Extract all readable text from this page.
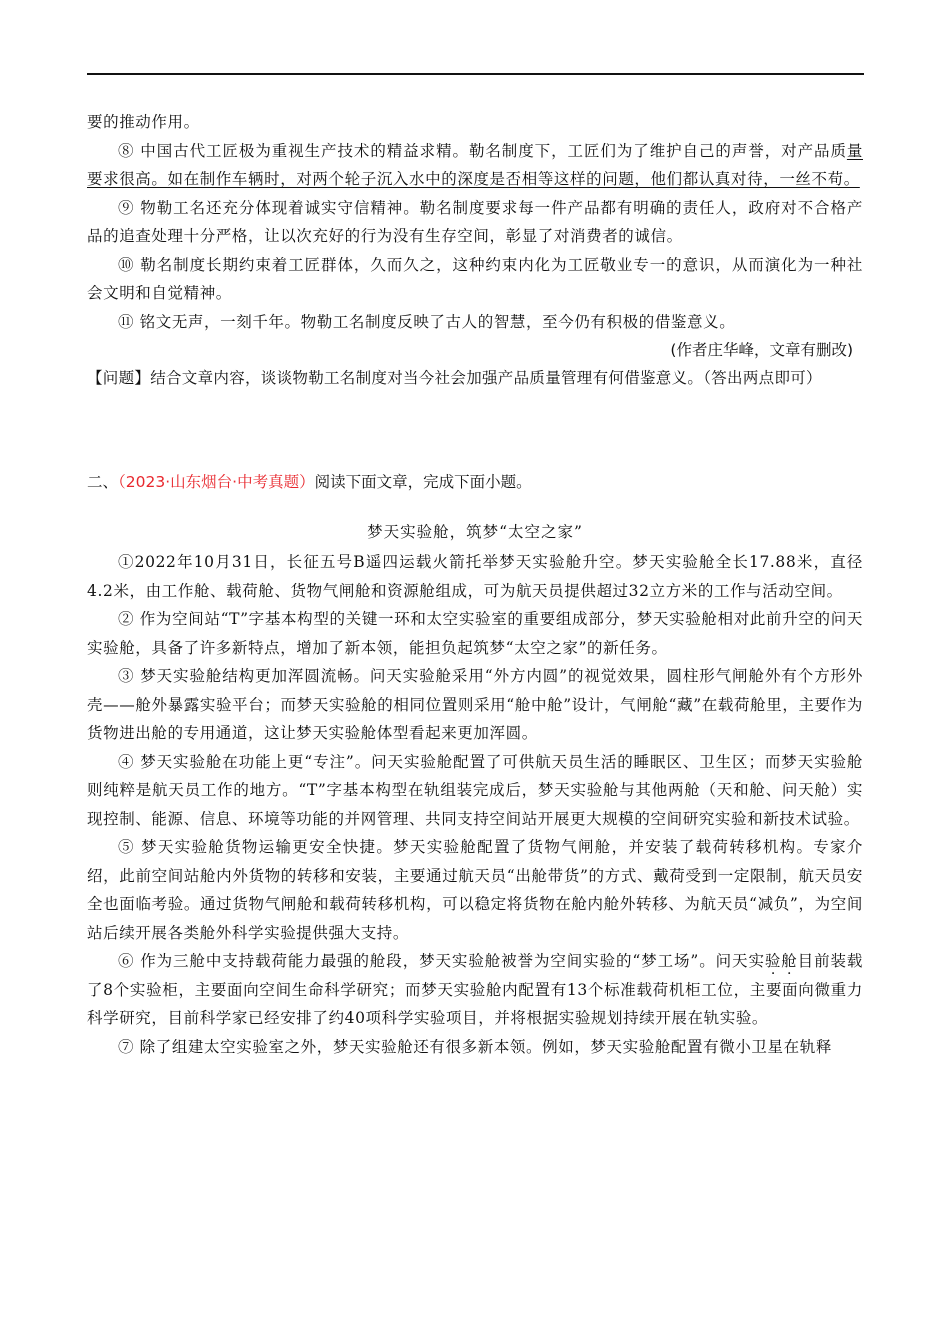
要的推动作用。

⑧ 中国古代工匠极为重视生产技术的精益求精。勒名制度下，工匠们为了维护自己的声誉，对产品质量要求很高。如在制作车辆时，对两个轮子沉入水中的深度是否相等这样的问题，他们都认真对待，一丝不苟。

⑨ 物勒工名还充分体现着诚实守信精神。勒名制度要求每一件产品都有明确的责任人，政府对不合格产品的追查处理十分严格，让以次充好的行为没有生存空间，彰显了对消费者的诚信。

⑩ 勒名制度长期约束着工匠群体，久而久之，这种约束内化为工匠敬业专一的意识，从而演化为一种社会文明和自觉精神。

⑪ 铭文无声，一刻千年。物勒工名制度反映了古人的智慧，至今仍有积极的借鉴意义。

(作者庄华峰，文章有删改)

【问题】结合文章内容，谈谈物勒工名制度对当今社会加强产品质量管理有何借鉴意义。（答出两点即可）

二、（2023·山东烟台·中考真题）阅读下面文章，完成下面小题。

梦天实验舱，筑梦“太空之家”

①2022年10月31日，长征五号B遥四运载火箭托举梦天实验舱升空。梦天实验舱全长17.88米，直径4.2米，由工作舱、载荷舱、货物气闸舱和资源舱组成，可为航天员提供超过32立方米的工作与活动空间。

② 作为空间站“T”字基本构型的关键一环和太空实验室的重要组成部分，梦天实验舱相对此前升空的问天实验舱，具备了许多新特点，增加了新本领，能担负起筑梦“太空之家”的新任务。

③ 梦天实验舱结构更加浑圆流畅。问天实验舱采用“外方内圆”的视觉效果，圆柱形气闸舱外有个方形外壳——舱外暴露实验平台；而梦天实验舱的相同位置则采用“舱中舱”设计，气闸舱“藏”在载荷舱里，主要作为货物进出舱的专用通道，这让梦天实验舱体型看起来更加浑圆。

④ 梦天实验舱在功能上更“专注”。问天实验舱配置了可供航天员生活的睡眠区、卫生区；而梦天实验舱则纯粹是航天员工作的地方。“T”字基本构型在轨组装完成后，梦天实验舱与其他两舱（天和舱、问天舱）实现控制、能源、信息、环境等功能的并网管理、共同支持空间站开展更大规模的空间研究实验和新技术试验。

⑤ 梦天实验舱货物运输更安全快捷。梦天实验舱配置了货物气闸舱，并安装了载荷转移机构。专家介绍，此前空间站舱内外货物的转移和安装，主要通过航天员“出舱带货”的方式、戴荷受到一定限制，航天员安全也面临考验。通过货物气闸舱和载荷转移机构，可以稳定将货物在舱内舱外转移、为航天员“减负”，为空间站后续开展各类舱外科学实验提供强大支持。

⑥ 作为三舱中支持载荷能力最强的舱段，梦天实验舱被誉为空间实验的“梦工场”。问天实验舱目前装载了8个实验柜，主要面向空间生命科学研究；而梦天实验舱内配置有13个标准载荷机柜工位，主要面向微重力科学研究，目前科学家已经安排了约40项科学实验项目，并将根据实验规划持续开展在轨实验。

⑦ 除了组建太空实验室之外，梦天实验舱还有很多新本领。例如，梦天实验舱配置有微小卫星在轨释
